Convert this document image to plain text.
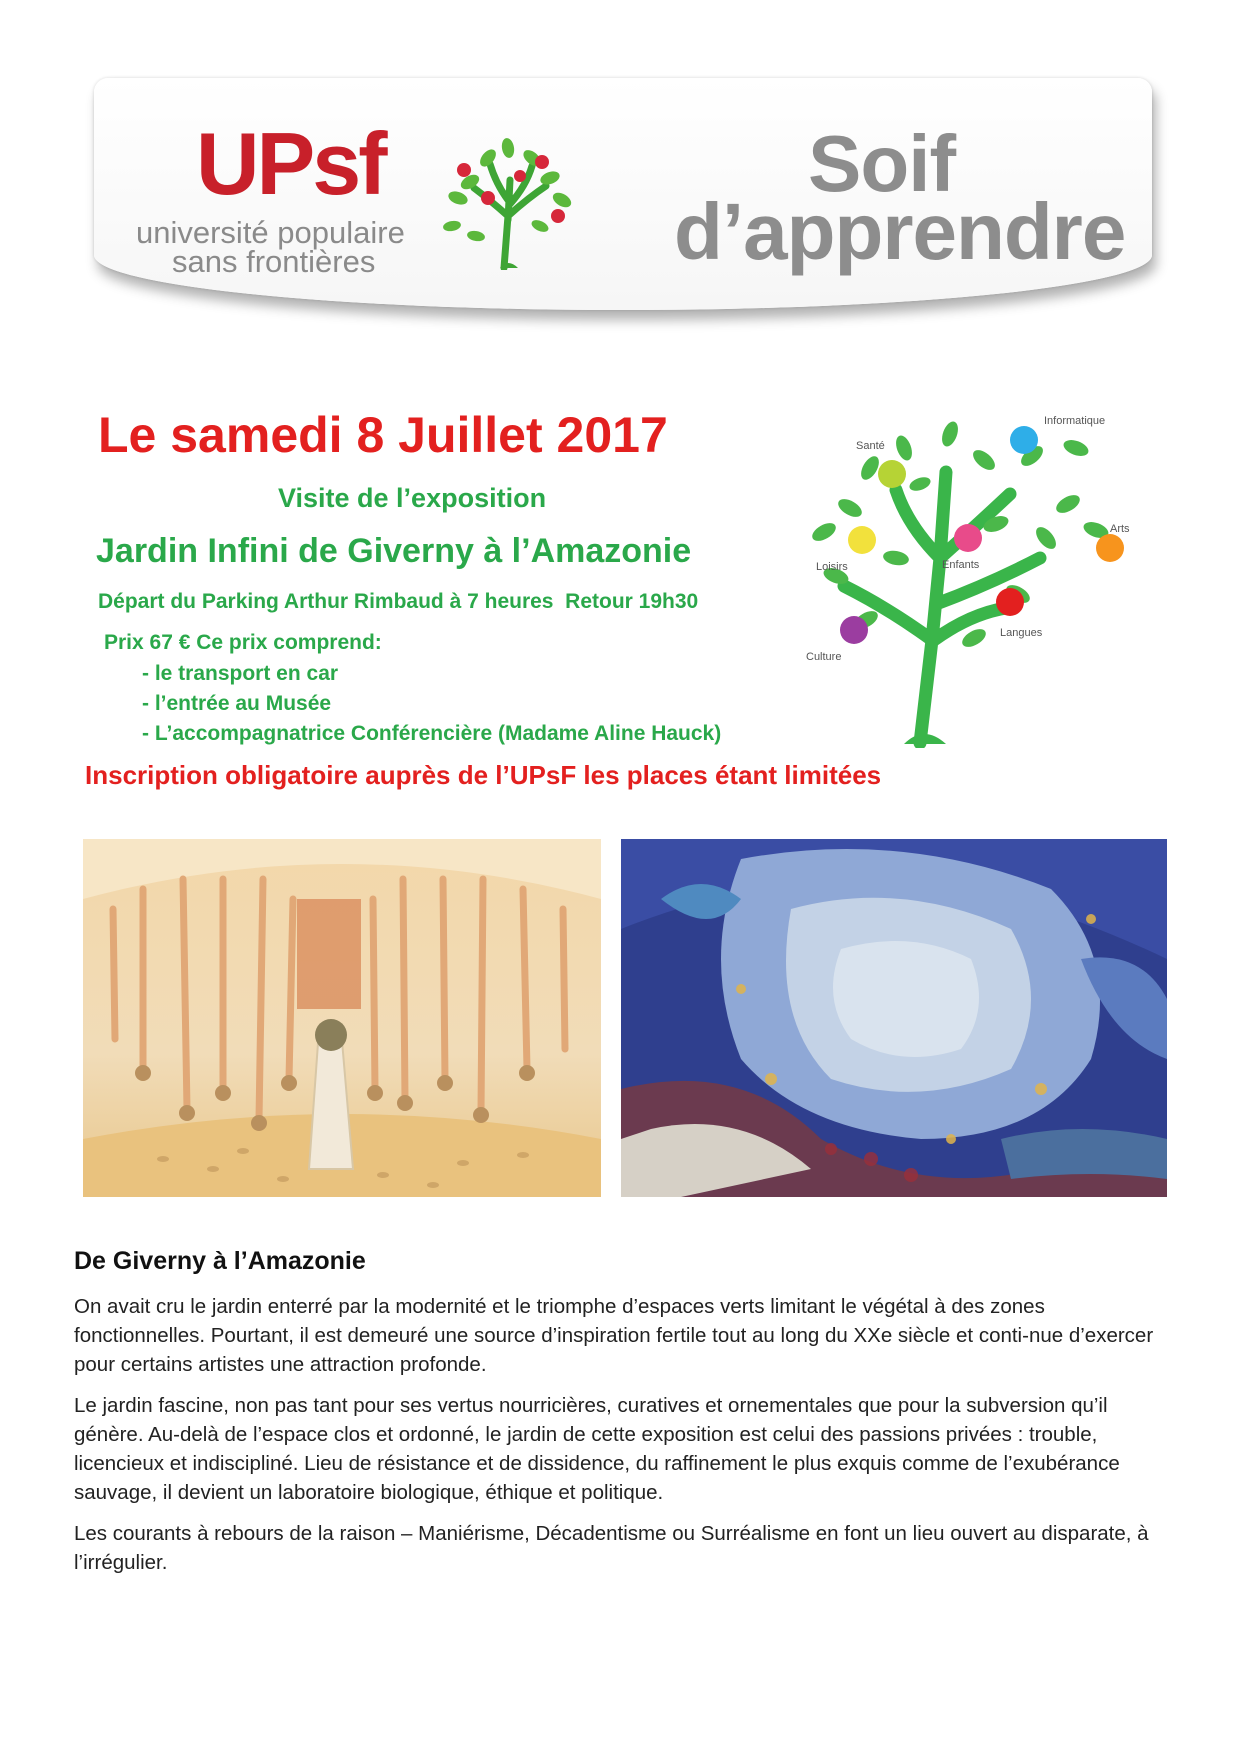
UPsf
université populaire
sans frontières
Soif
d’apprendre
Le samedi 8 Juillet 2017
Visite de l’exposition
Jardin Infini de Giverny à l’Amazonie
Départ du Parking Arthur Rimbaud à 7 heures  Retour 19h30
Prix 67 € Ce prix comprend:
- le transport en car
- l’entrée au Musée
- L’accompagnatrice Conférencière (Madame Aline Hauck)
Inscription obligatoire auprès de l’UPsF les places étant limitées
Santé
Informatique
Arts
Loisirs	Enfants
Langues
Culture
De Giverny à l’Amazonie

On avait cru le jardin enterré par la modernité et le triomphe d’espaces verts limitant le végétal à des zones fonctionnelles. Pourtant, il est demeuré une source d’inspiration fertile tout au long du XXe siècle et conti-nue d’exercer pour certains artistes une attraction profonde.

Le jardin fascine, non pas tant pour ses vertus nourricières, curatives et ornementales que pour la subversion qu’il génère. Au-delà de l’espace clos et ordonné, le jardin de cette exposition est celui des passions privées : trouble, licencieux et indiscipliné. Lieu de résistance et de dissidence, du raffinement le plus exquis comme de l’exubérance sauvage, il devient un laboratoire biologique, éthique et politique.

Les courants à rebours de la raison – Maniérisme, Décadentisme ou Surréalisme en font un lieu ouvert au disparate, à l’irrégulier.
